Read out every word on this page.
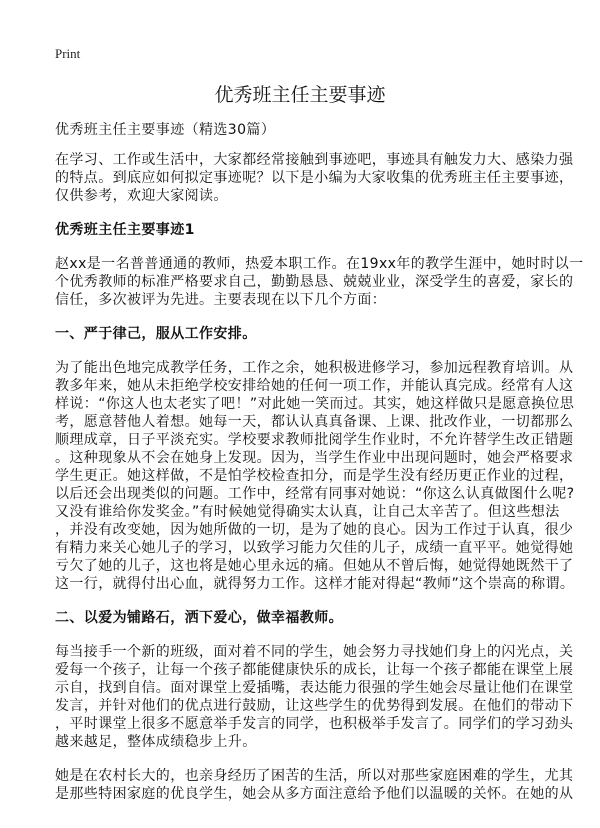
Print
优秀班主任主要事迹
优秀班主任主要事迹（精选30篇）
在学习、工作或生活中，大家都经常接触到事迹吧，事迹具有触发力大、感染力强
的特点。到底应如何拟定事迹呢？以下是小编为大家收集的优秀班主任主要事迹，
仅供参考，欢迎大家阅读。
优秀班主任主要事迹1
赵xx是一名普普通通的教师，热爱本职工作。在19xx年的教学生涯中，她时时以一
个优秀教师的标准严格要求自己，勤勤恳恳、兢兢业业，深受学生的喜爱，家长的
信任，多次被评为先进。主要表现在以下几个方面：
一、严于律己，服从工作安排。
为了能出色地完成教学任务，工作之余，她积极进修学习，参加远程教育培训。从
教多年来，她从未拒绝学校安排给她的任何一项工作，并能认真完成。经常有人这
样说：“你这人也太老实了吧！”对此她一笑而过。其实，她这样做只是愿意换位思
考，愿意替他人着想。她每一天，都认认真真备课、上课、批改作业，一切都那么
顺理成章，日子平淡充实。学校要求教师批阅学生作业时，不允许替学生改正错题
。这种现象从不会在她身上发现。因为，当学生作业中出现问题时，她会严格要求
学生更正。她这样做，不是怕学校检查扣分，而是学生没有经历更正作业的过程，
以后还会出现类似的问题。工作中，经常有同事对她说：“你这么认真做图什么呢?
又没有谁给你发奖金。”有时候她觉得确实太认真，让自己太辛苦了。但这些想法
，并没有改变她，因为她所做的一切，是为了她的良心。因为工作过于认真，很少
有精力来关心她儿子的学习，以致学习能力欠佳的儿子，成绩一直平平。她觉得她
亏欠了她的儿子，这也将是她心里永远的痛。但她从不曾后悔，她觉得她既然干了
这一行，就得付出心血，就得努力工作。这样才能对得起“教师”这个崇高的称谓。
二、以爱为铺路石，洒下爱心，做幸福教师。
每当接手一个新的班级，面对着不同的学生，她会努力寻找她们身上的闪光点，关
爱每一个孩子，让每一个孩子都能健康快乐的成长，让每一个孩子都能在课堂上展
示自，找到自信。面对课堂上爱插嘴，表达能力很强的学生她会尽量让他们在课堂
发言，并针对他们的优点进行鼓励，让这些学生的优势得到发展。在他们的带动下
，平时课堂上很多不愿意举手发言的同学，也积极举手发言了。同学们的学习劲头
越来越足，整体成绩稳步上升。
她是在农村长大的，也亲身经历了困苦的生活，所以对那些家庭困难的学生，尤其
是那些特困家庭的优良学生，她会从多方面注意给予他们以温暖的关怀。在她的从
